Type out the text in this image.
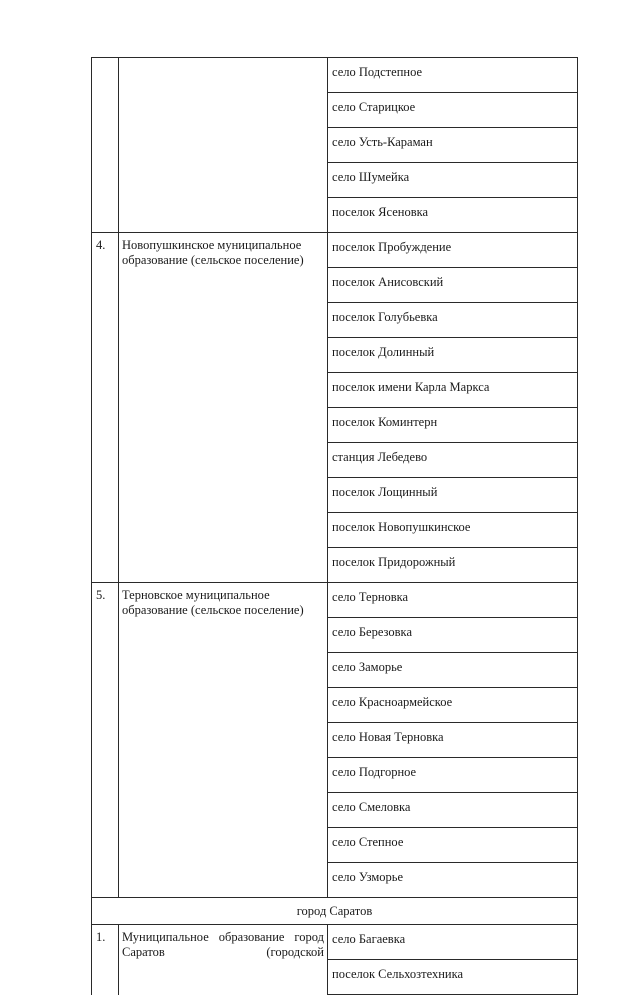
		село Подстепное
		село Старицкое
		село Усть-Караман
		село Шумейка
		поселок Ясеновка
4.	Новопушкинское муниципальное образование (сельское поселение)	поселок Пробуждение
		поселок Анисовский
		поселок Голубьевка
		поселок Долинный
		поселок имени Карла Маркса
		поселок Коминтерн
		станция Лебедево
		поселок Лощинный
		поселок Новопушкинское
		поселок Придорожный
5.	Терновское муниципальное образование (сельское поселение)	село Терновка
		село Березовка
		село Заморье
		село Красноармейское
		село Новая Терновка
		село Подгорное
		село Смеловка
		село Степное
		село Узморье
город Саратов		
1.	Муниципальное образование город Саратов (городской	село Багаевка
		поселок Сельхозтехника
